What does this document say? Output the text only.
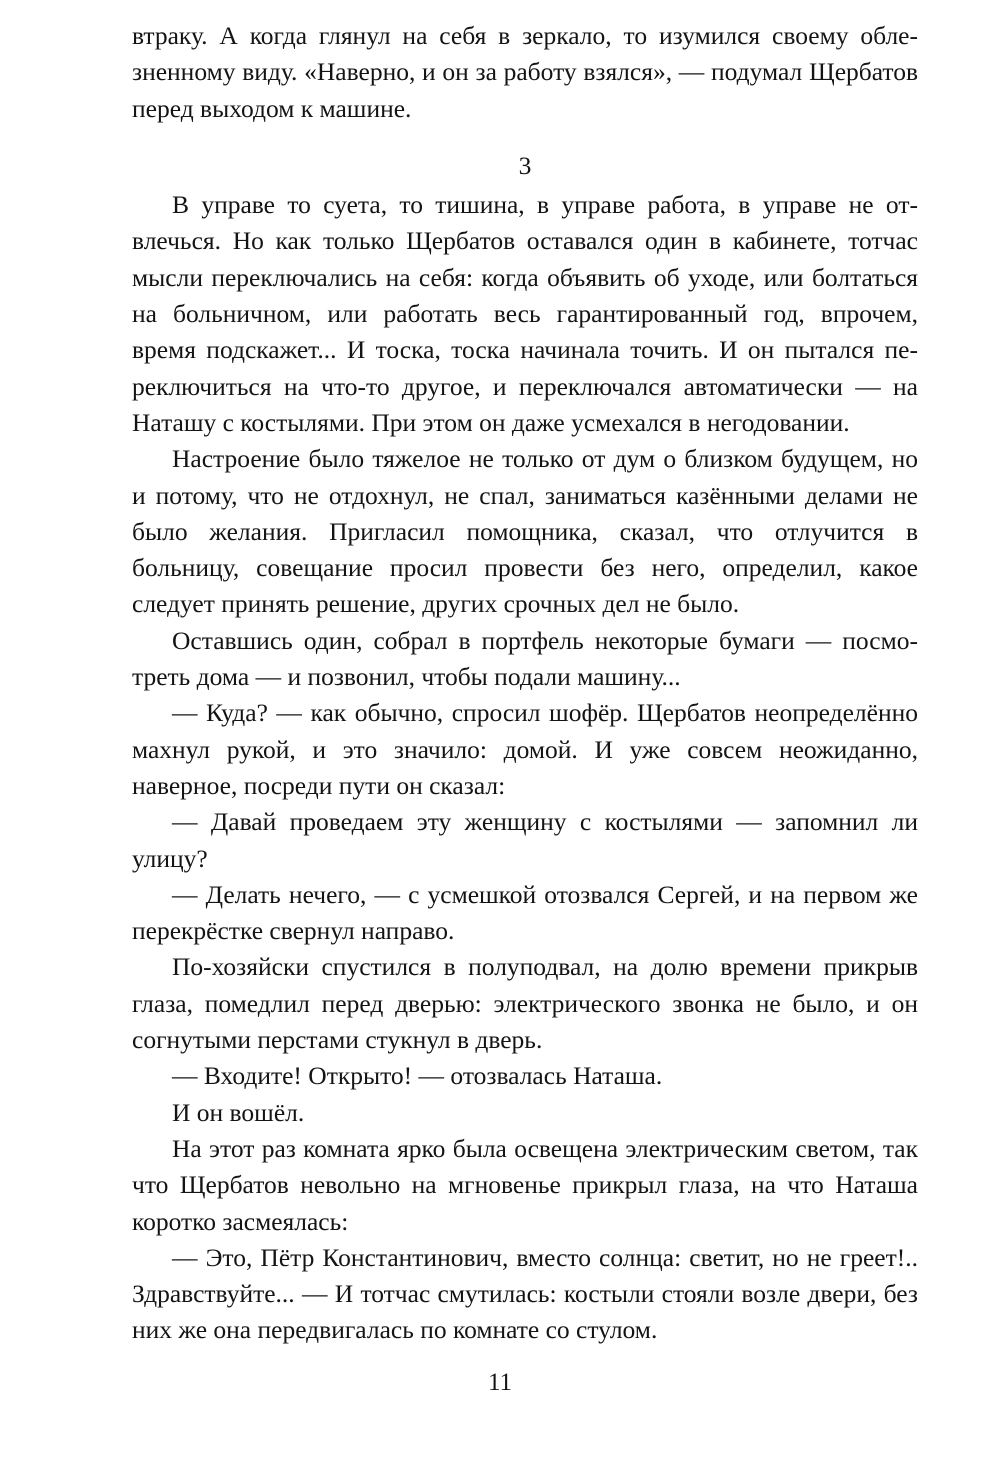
втраку. А когда глянул на себя в зеркало, то изумился своему облезненному виду. «Наверно, и он за работу взялся», — подумал Щербатов перед выходом к машине.

3

В управе то суета, то тишина, в управе работа, в управе не отвлечься. Но как только Щербатов оставался один в кабинете, тотчас мысли переключались на себя: когда объявить об уходе, или болтаться на больничном, или работать весь гарантированный год, впрочем, время подскажет... И тоска, тоска начинала точить. И он пытался переключиться на что-то другое, и переключался автоматически — на Наташу с костылями. При этом он даже усмехался в негодовании.

Настроение было тяжелое не только от дум о близком будущем, но и потому, что не отдохнул, не спал, заниматься казёнными делами не было желания. Пригласил помощника, сказал, что отлучится в больницу, совещание просил провести без него, определил, какое следует принять решение, других срочных дел не было.

Оставшись один, собрал в портфель некоторые бумаги — посмотреть дома — и позвонил, чтобы подали машину...

— Куда? — как обычно, спросил шофёр. Щербатов неопределённо махнул рукой, и это значило: домой. И уже совсем неожиданно, наверное, посреди пути он сказал:

— Давай проведаем эту женщину с костылями — запомнил ли улицу?

— Делать нечего, — с усмешкой отозвался Сергей, и на первом же перекрёстке свернул направо.

По-хозяйски спустился в полуподвал, на долю времени прикрыв глаза, помедлил перед дверью: электрического звонка не было, и он согнутыми перстами стукнул в дверь.

— Входите! Открыто! — отозвалась Наташа.

И он вошёл.

На этот раз комната ярко была освещена электрическим светом, так что Щербатов невольно на мгновенье прикрыл глаза, на что Наташа коротко засмеялась:

— Это, Пётр Константинович, вместо солнца: светит, но не греет!.. Здравствуйте... — И тотчас смутилась: костыли стояли возле двери, без них же она передвигалась по комнате со стулом.

11
